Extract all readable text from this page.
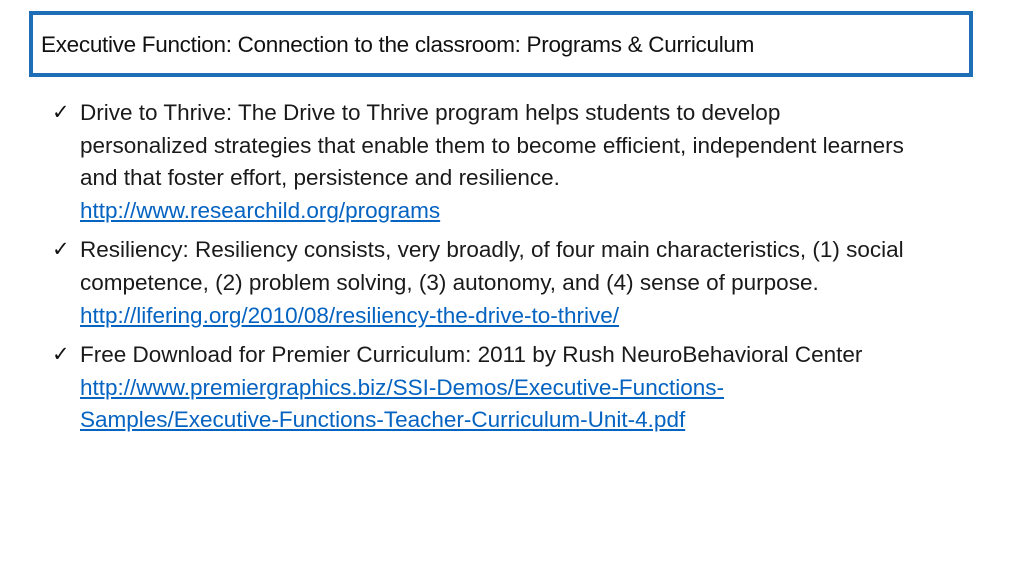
Executive Function: Connection to the classroom: Programs & Curriculum
✓ Drive to Thrive: The Drive to Thrive program helps students to develop personalized strategies that enable them to become efficient, independent learners and that foster effort, persistence and resilience. http://www.researchild.org/programs
✓ Resiliency: Resiliency consists, very broadly, of four main characteristics, (1) social competence, (2) problem solving, (3) autonomy, and (4) sense of purpose. http://lifering.org/2010/08/resiliency-the-drive-to-thrive/
✓ Free Download for Premier Curriculum: 2011 by Rush NeuroBehavioral Center http://www.premiergraphics.biz/SSI-Demos/Executive-Functions-Samples/Executive-Functions-Teacher-Curriculum-Unit-4.pdf
